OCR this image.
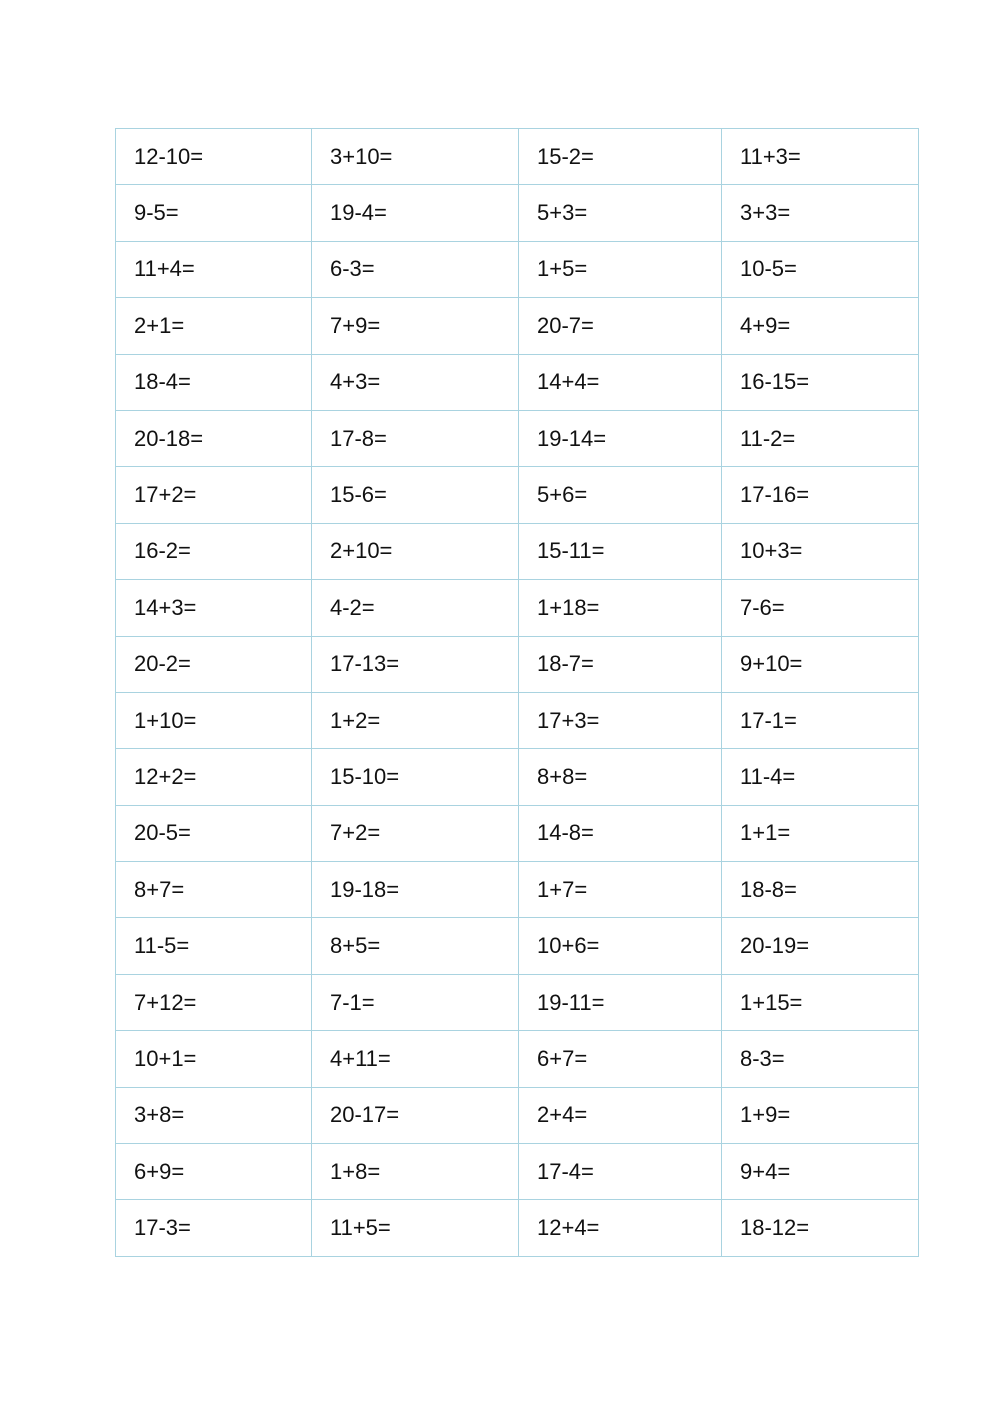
12-10=	3+10=	15-2=	11+3=
9-5=	19-4=	5+3=	3+3=
11+4=	6-3=	1+5=	10-5=
2+1=	7+9=	20-7=	4+9=
18-4=	4+3=	14+4=	16-15=
20-18=	17-8=	19-14=	11-2=
17+2=	15-6=	5+6=	17-16=
16-2=	2+10=	15-11=	10+3=
14+3=	4-2=	1+18=	7-6=
20-2=	17-13=	18-7=	9+10=
1+10=	1+2=	17+3=	17-1=
12+2=	15-10=	8+8=	11-4=
20-5=	7+2=	14-8=	1+1=
8+7=	19-18=	1+7=	18-8=
11-5=	8+5=	10+6=	20-19=
7+12=	7-1=	19-11=	1+15=
10+1=	4+11=	6+7=	8-3=
3+8=	20-17=	2+4=	1+9=
6+9=	1+8=	17-4=	9+4=
17-3=	11+5=	12+4=	18-12=
